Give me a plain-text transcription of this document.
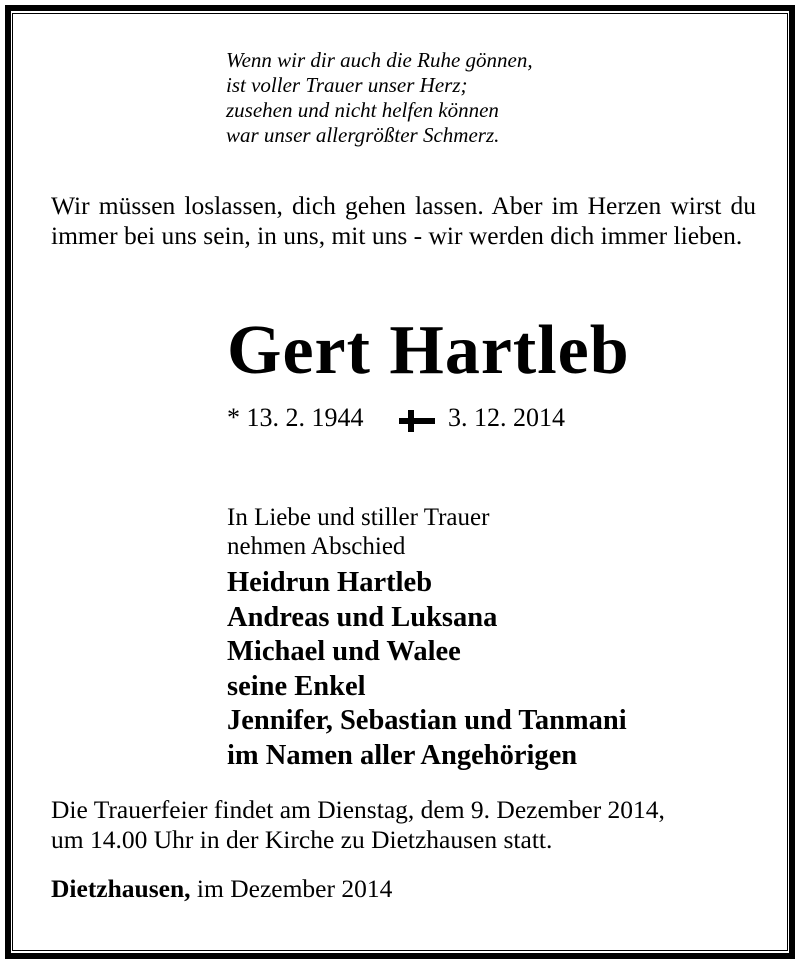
Wenn wir dir auch die Ruhe gönnen,
ist voller Trauer unser Herz;
zusehen und nicht helfen können
war unser allergrößter Schmerz.
Wir müssen loslassen, dich gehen lassen. Aber im Herzen wirst du immer bei uns sein, in uns, mit uns - wir werden dich immer lieben.
Gert Hartleb
* 13. 2. 1944	3. 12. 2014
In Liebe und stiller Trauer
nehmen Abschied
Heidrun Hartleb
Andreas und Luksana
Michael und Walee
seine Enkel
Jennifer, Sebastian und Tanmani
im Namen aller Angehörigen
Die Trauerfeier findet am Dienstag, dem 9. Dezember 2014,
um 14.00 Uhr in der Kirche zu Dietzhausen statt.
Dietzhausen, im Dezember 2014
